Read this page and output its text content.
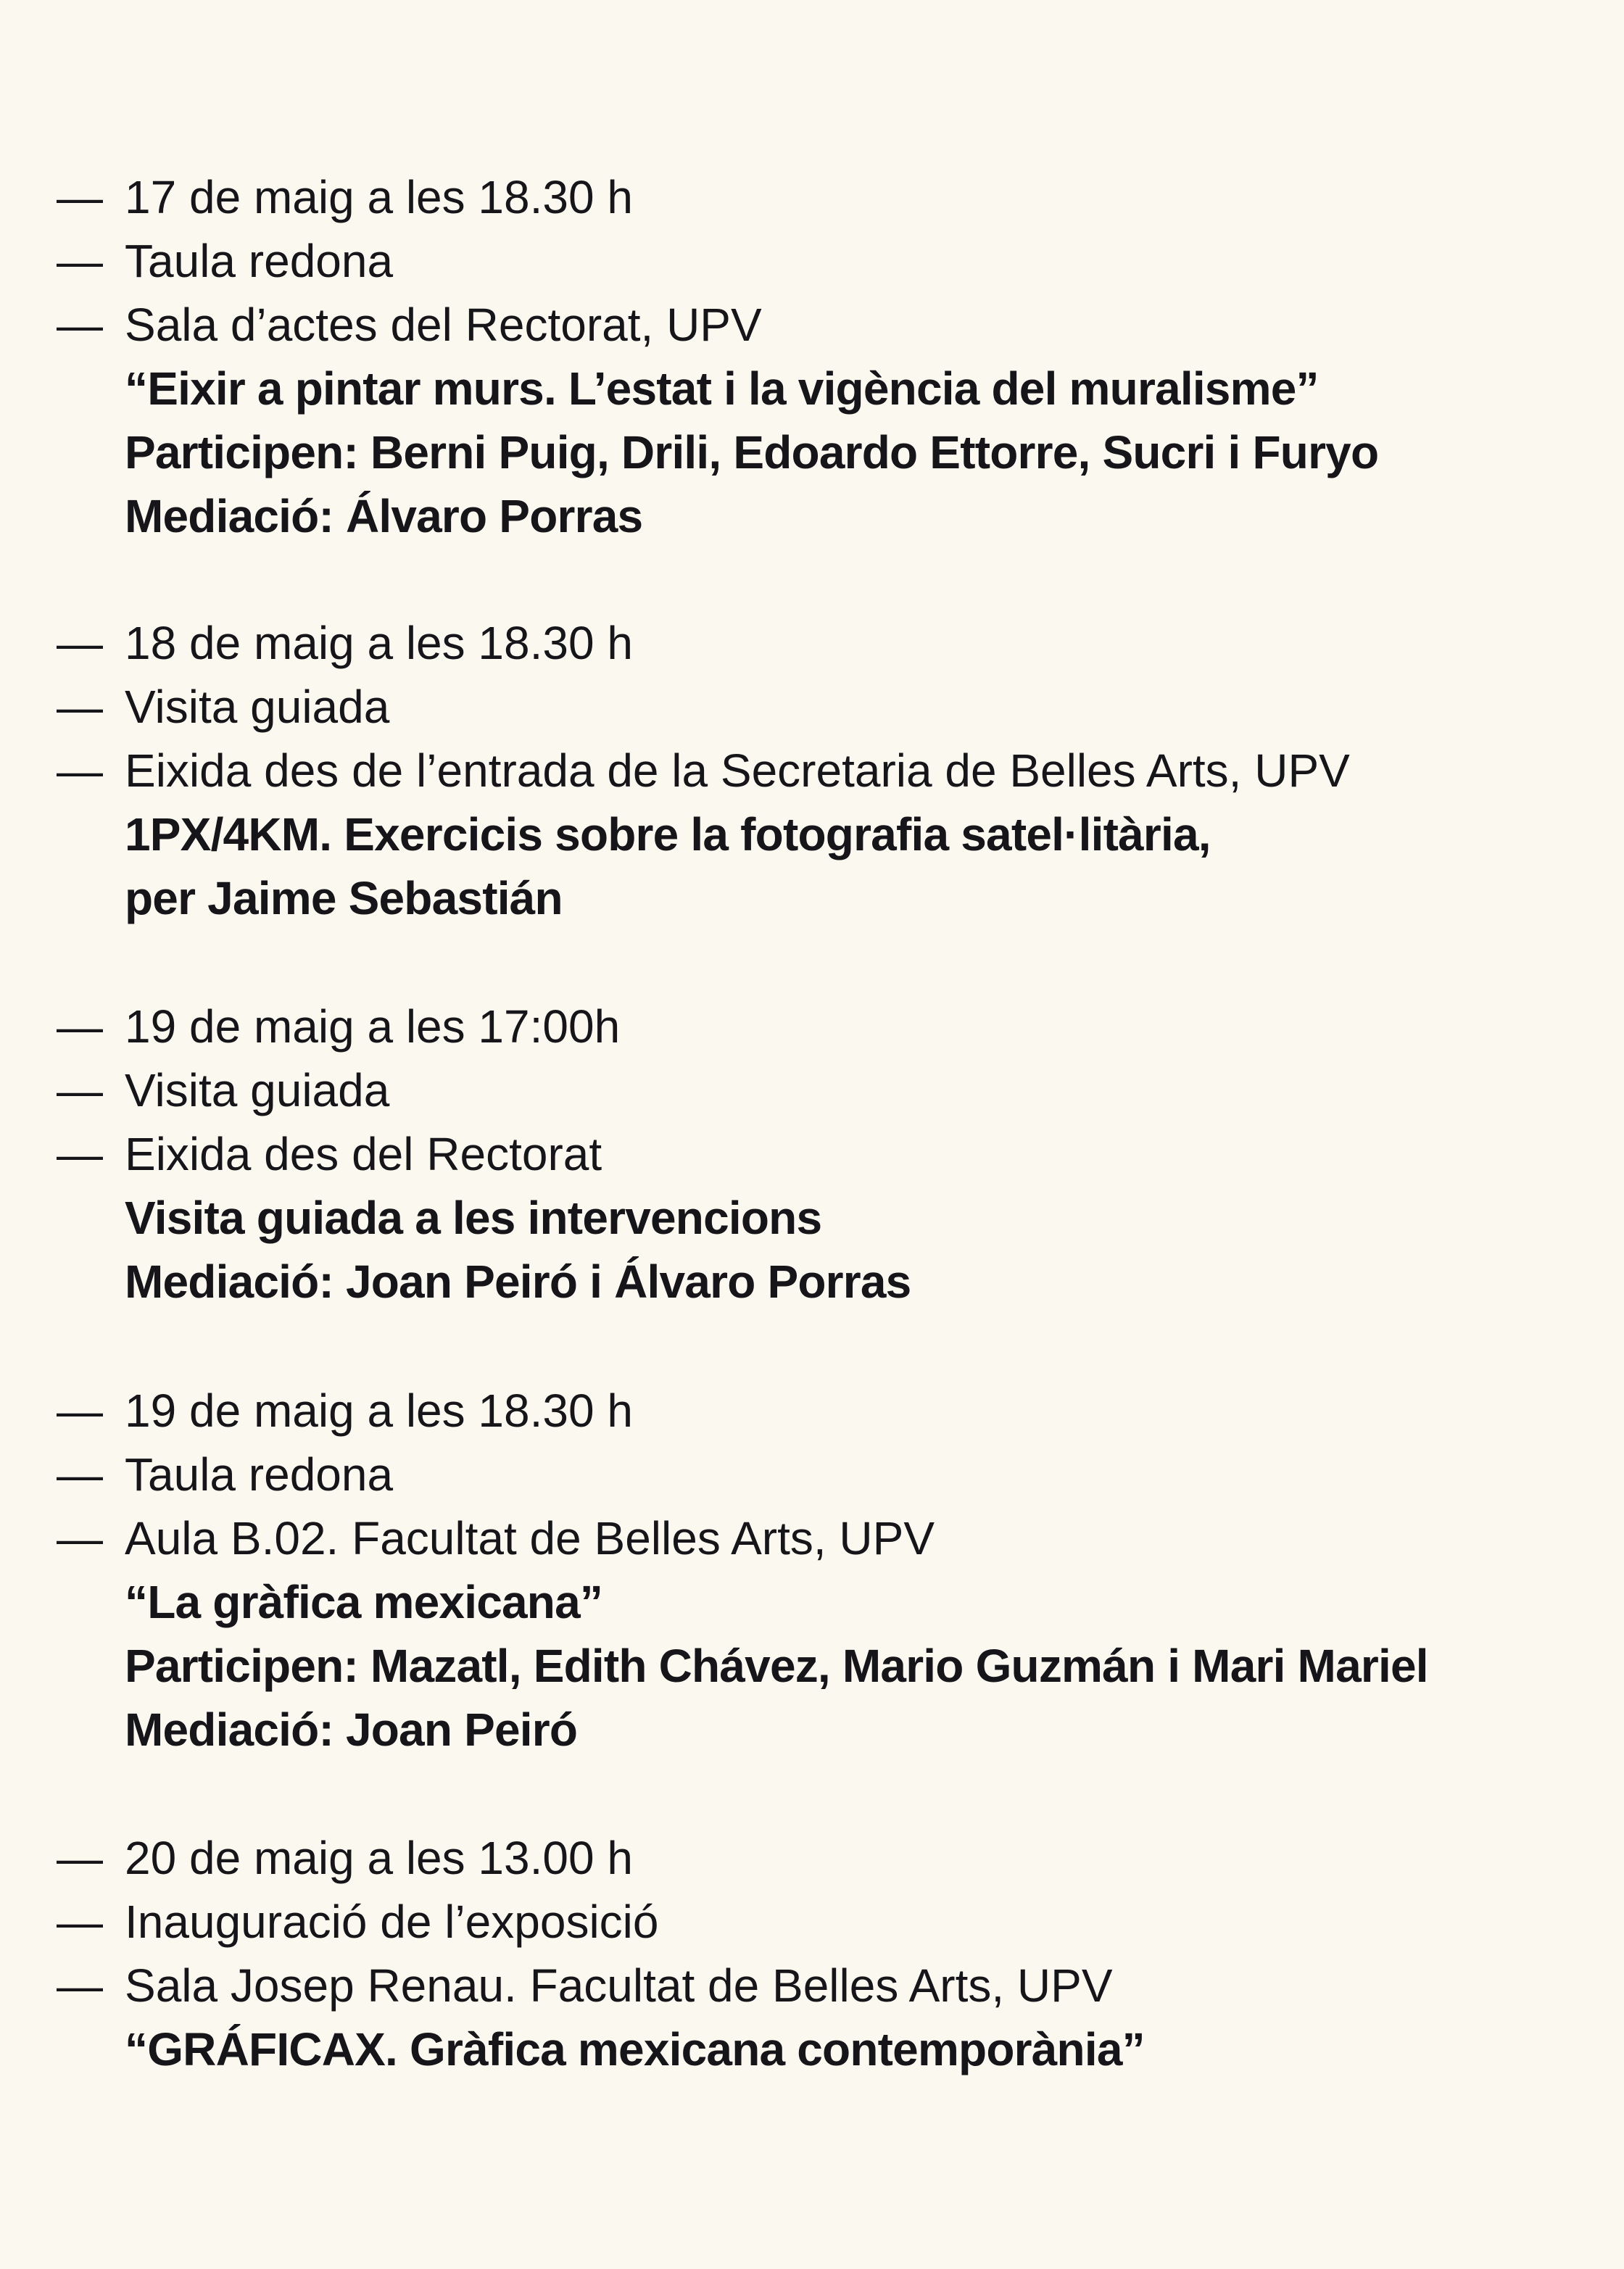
— 17 de maig a les 18.30 h
— Taula redona
— Sala d’actes del Rectorat, UPV
“Eixir a pintar murs. L’estat i la vigència del muralisme”
Participen: Berni Puig, Drili, Edoardo Ettorre, Sucri i Furyo
Mediació: Álvaro Porras
— 18 de maig a les 18.30 h
— Visita guiada
— Eixida des de l’entrada de la Secretaria de Belles Arts, UPV
1PX/4KM. Exercicis sobre la fotografia satel·litària,
per Jaime Sebastián
— 19 de maig a les 17:00h
— Visita guiada
— Eixida des del Rectorat
Visita guiada a les intervencions
Mediació: Joan Peiró i Álvaro Porras
— 19 de maig a les 18.30 h
— Taula redona
— Aula B.02. Facultat de Belles Arts, UPV
“La gràfica mexicana”
Participen: Mazatl, Edith Chávez, Mario Guzmán i Mari Mariel
Mediació: Joan Peiró
— 20 de maig a les 13.00 h
— Inauguració de l’exposició
— Sala Josep Renau. Facultat de Belles Arts, UPV
“GRÁFICAX. Gràfica mexicana contemporània”
